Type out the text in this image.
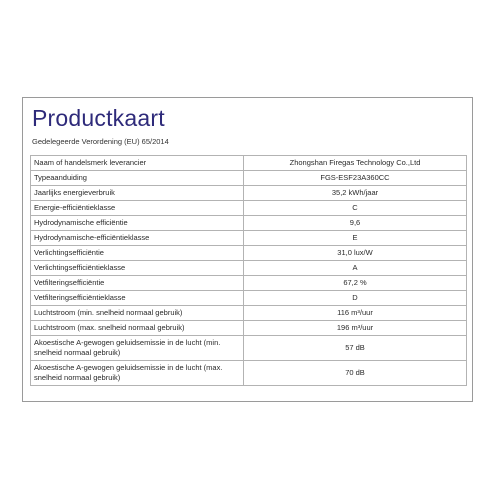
Productkaart
Gedelegeerde Verordening (EU) 65/2014
Naam of handelsmerk leverancier	Zhongshan Firegas Technology Co.,Ltd
Typeaanduiding	FGS-ESF23A360CC
Jaarlijks energieverbruik	35,2 kWh/jaar
Energie-efficiëntieklasse	C
Hydrodynamische efficiëntie	9,6
Hydrodynamische-efficiëntieklasse	E
Verlichtingsefficiëntie	31,0 lux/W
Verlichtingsefficiëntieklasse	A
Vetfilteringsefficiëntie	67,2 %
Vetfilteringsefficiëntieklasse	D
Luchtstroom (min. snelheid normaal gebruik)	116 m³/uur
Luchtstroom (max. snelheid normaal gebruik)	196 m³/uur
Akoestische A-gewogen geluidsemissie in de lucht (min. snelheid normaal gebruik)	57 dB
Akoestische A-gewogen geluidsemissie in de lucht (max. snelheid normaal gebruik)	70 dB
